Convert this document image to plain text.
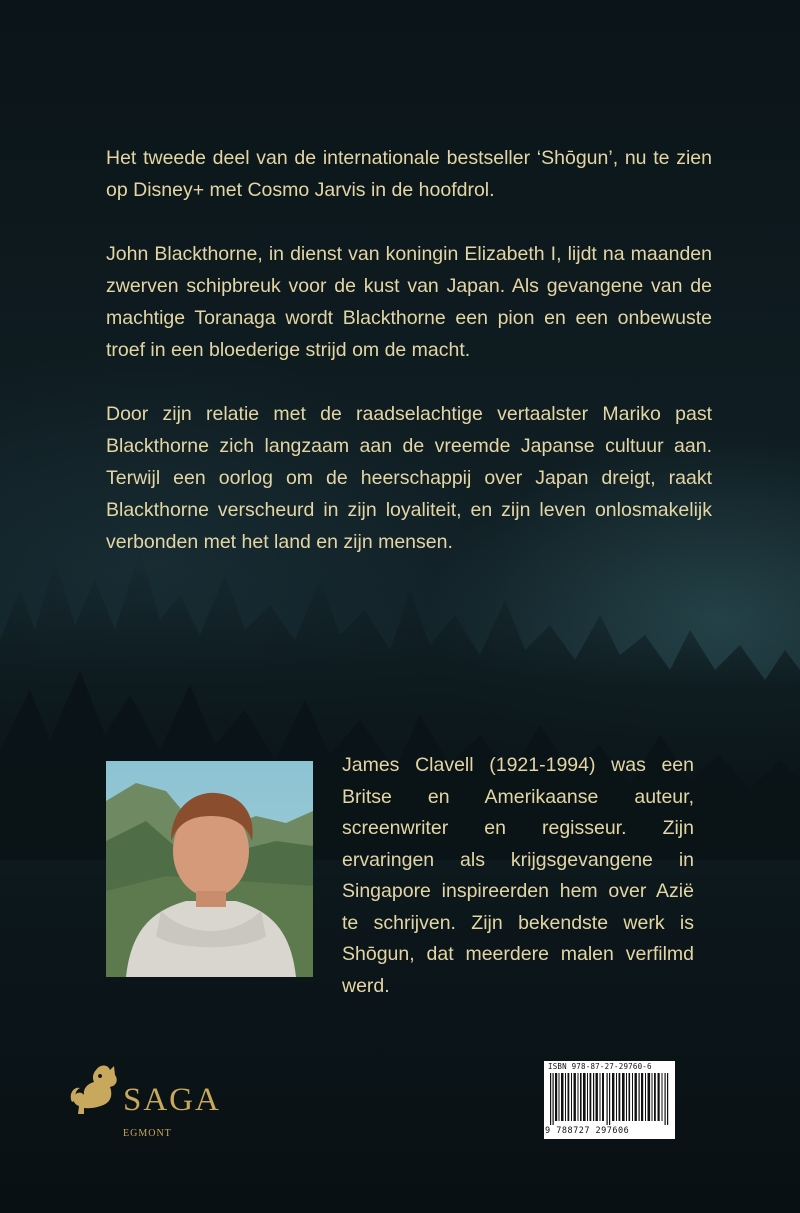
Het tweede deel van de internationale bestseller ‘Shōgun’, nu te zien op Disney+ met Cosmo Jarvis in de hoofdrol.

John Blackthorne, in dienst van koningin Elizabeth I, lijdt na maanden zwerven schipbreuk voor de kust van Japan. Als gevangene van de machtige Toranaga wordt Blackthorne een pion en een onbewuste troef in een bloederige strijd om de macht.

Door zijn relatie met de raadselachtige vertaalster Mariko past Blackthorne zich langzaam aan de vreemde Japanse cultuur aan. Terwijl een oorlog om de heerschappij over Japan dreigt, raakt Blackthorne verscheurd in zijn loyaliteit, en zijn leven onlosmakelijk verbonden met het land en zijn mensen.

James Clavell (1921-1994) was een Britse en Amerikaanse auteur, screenwriter en regisseur. Zijn ervaringen als krijgsgevangene in Singapore inspireerden hem over Azië te schrijven. Zijn bekendste werk is Shōgun, dat meerdere malen verfilmd werd.
SAGA
EGMONT
ISBN 978-87-27-29760-6
9 788727 297606
